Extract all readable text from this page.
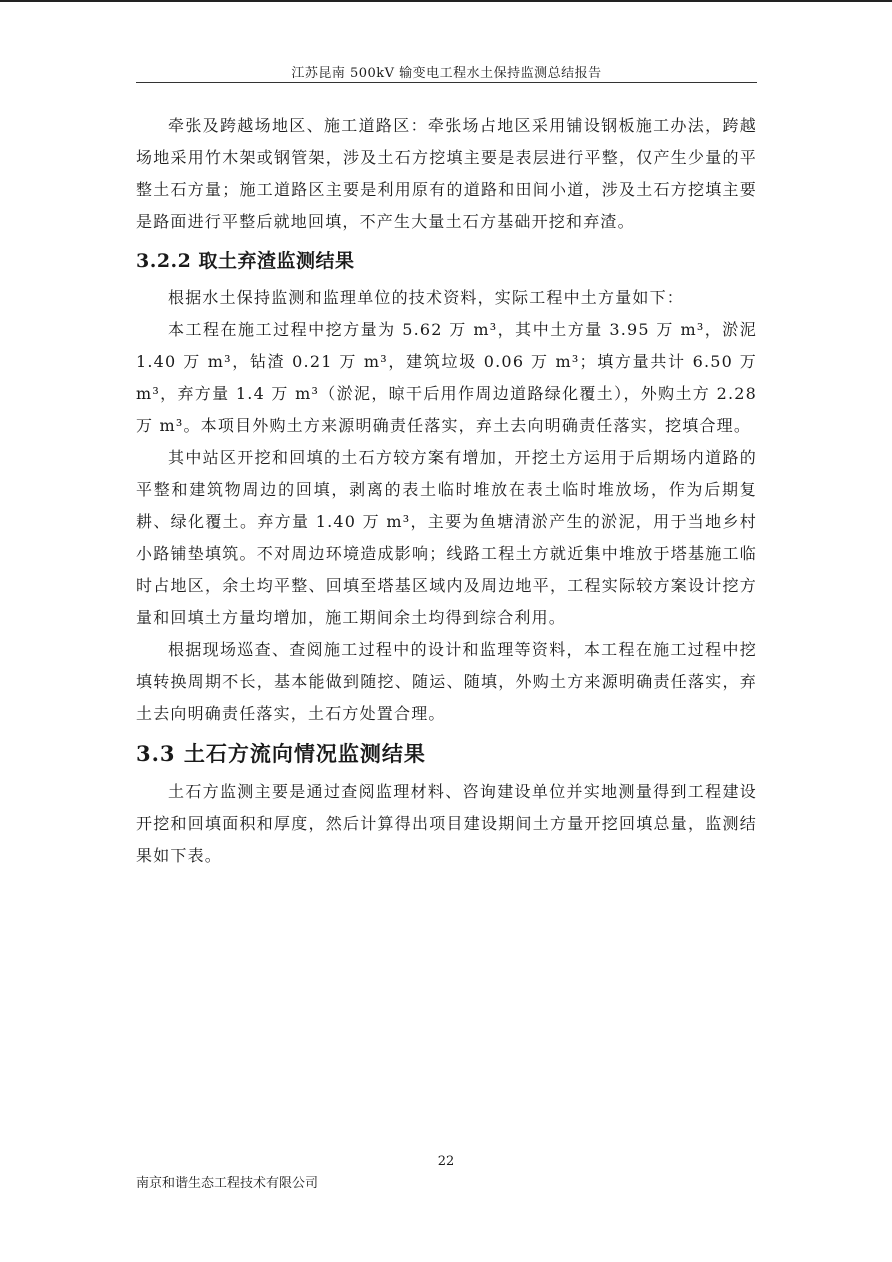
江苏昆南 500kV 输变电工程水土保持监测总结报告

牵张及跨越场地区、施工道路区：牵张场占地区采用铺设钢板施工办法，跨越场地采用竹木架或钢管架，涉及土石方挖填主要是表层进行平整，仅产生少量的平整土石方量；施工道路区主要是利用原有的道路和田间小道，涉及土石方挖填主要是路面进行平整后就地回填，不产生大量土石方基础开挖和弃渣。

3.2.2 取土弃渣监测结果

根据水土保持监测和监理单位的技术资料，实际工程中土方量如下：

本工程在施工过程中挖方量为 5.62 万 m³，其中土方量 3.95 万 m³，淤泥 1.40 万 m³，钻渣 0.21 万 m³，建筑垃圾 0.06 万 m³；填方量共计 6.50 万 m³，弃方量 1.4 万 m³（淤泥，晾干后用作周边道路绿化覆土），外购土方 2.28 万 m³。本项目外购土方来源明确责任落实，弃土去向明确责任落实，挖填合理。

其中站区开挖和回填的土石方较方案有增加，开挖土方运用于后期场内道路的平整和建筑物周边的回填，剥离的表土临时堆放在表土临时堆放场，作为后期复耕、绿化覆土。弃方量 1.40 万 m³，主要为鱼塘清淤产生的淤泥，用于当地乡村小路铺垫填筑。不对周边环境造成影响；线路工程土方就近集中堆放于塔基施工临时占地区，余土均平整、回填至塔基区域内及周边地平，工程实际较方案设计挖方量和回填土方量均增加，施工期间余土均得到综合利用。

根据现场巡查、查阅施工过程中的设计和监理等资料，本工程在施工过程中挖填转换周期不长，基本能做到随挖、随运、随填，外购土方来源明确责任落实，弃土去向明确责任落实，土石方处置合理。

3.3 土石方流向情况监测结果

土石方监测主要是通过查阅监理材料、咨询建设单位并实地测量得到工程建设开挖和回填面积和厚度，然后计算得出项目建设期间土方量开挖回填总量，监测结果如下表。

22
南京和谐生态工程技术有限公司
